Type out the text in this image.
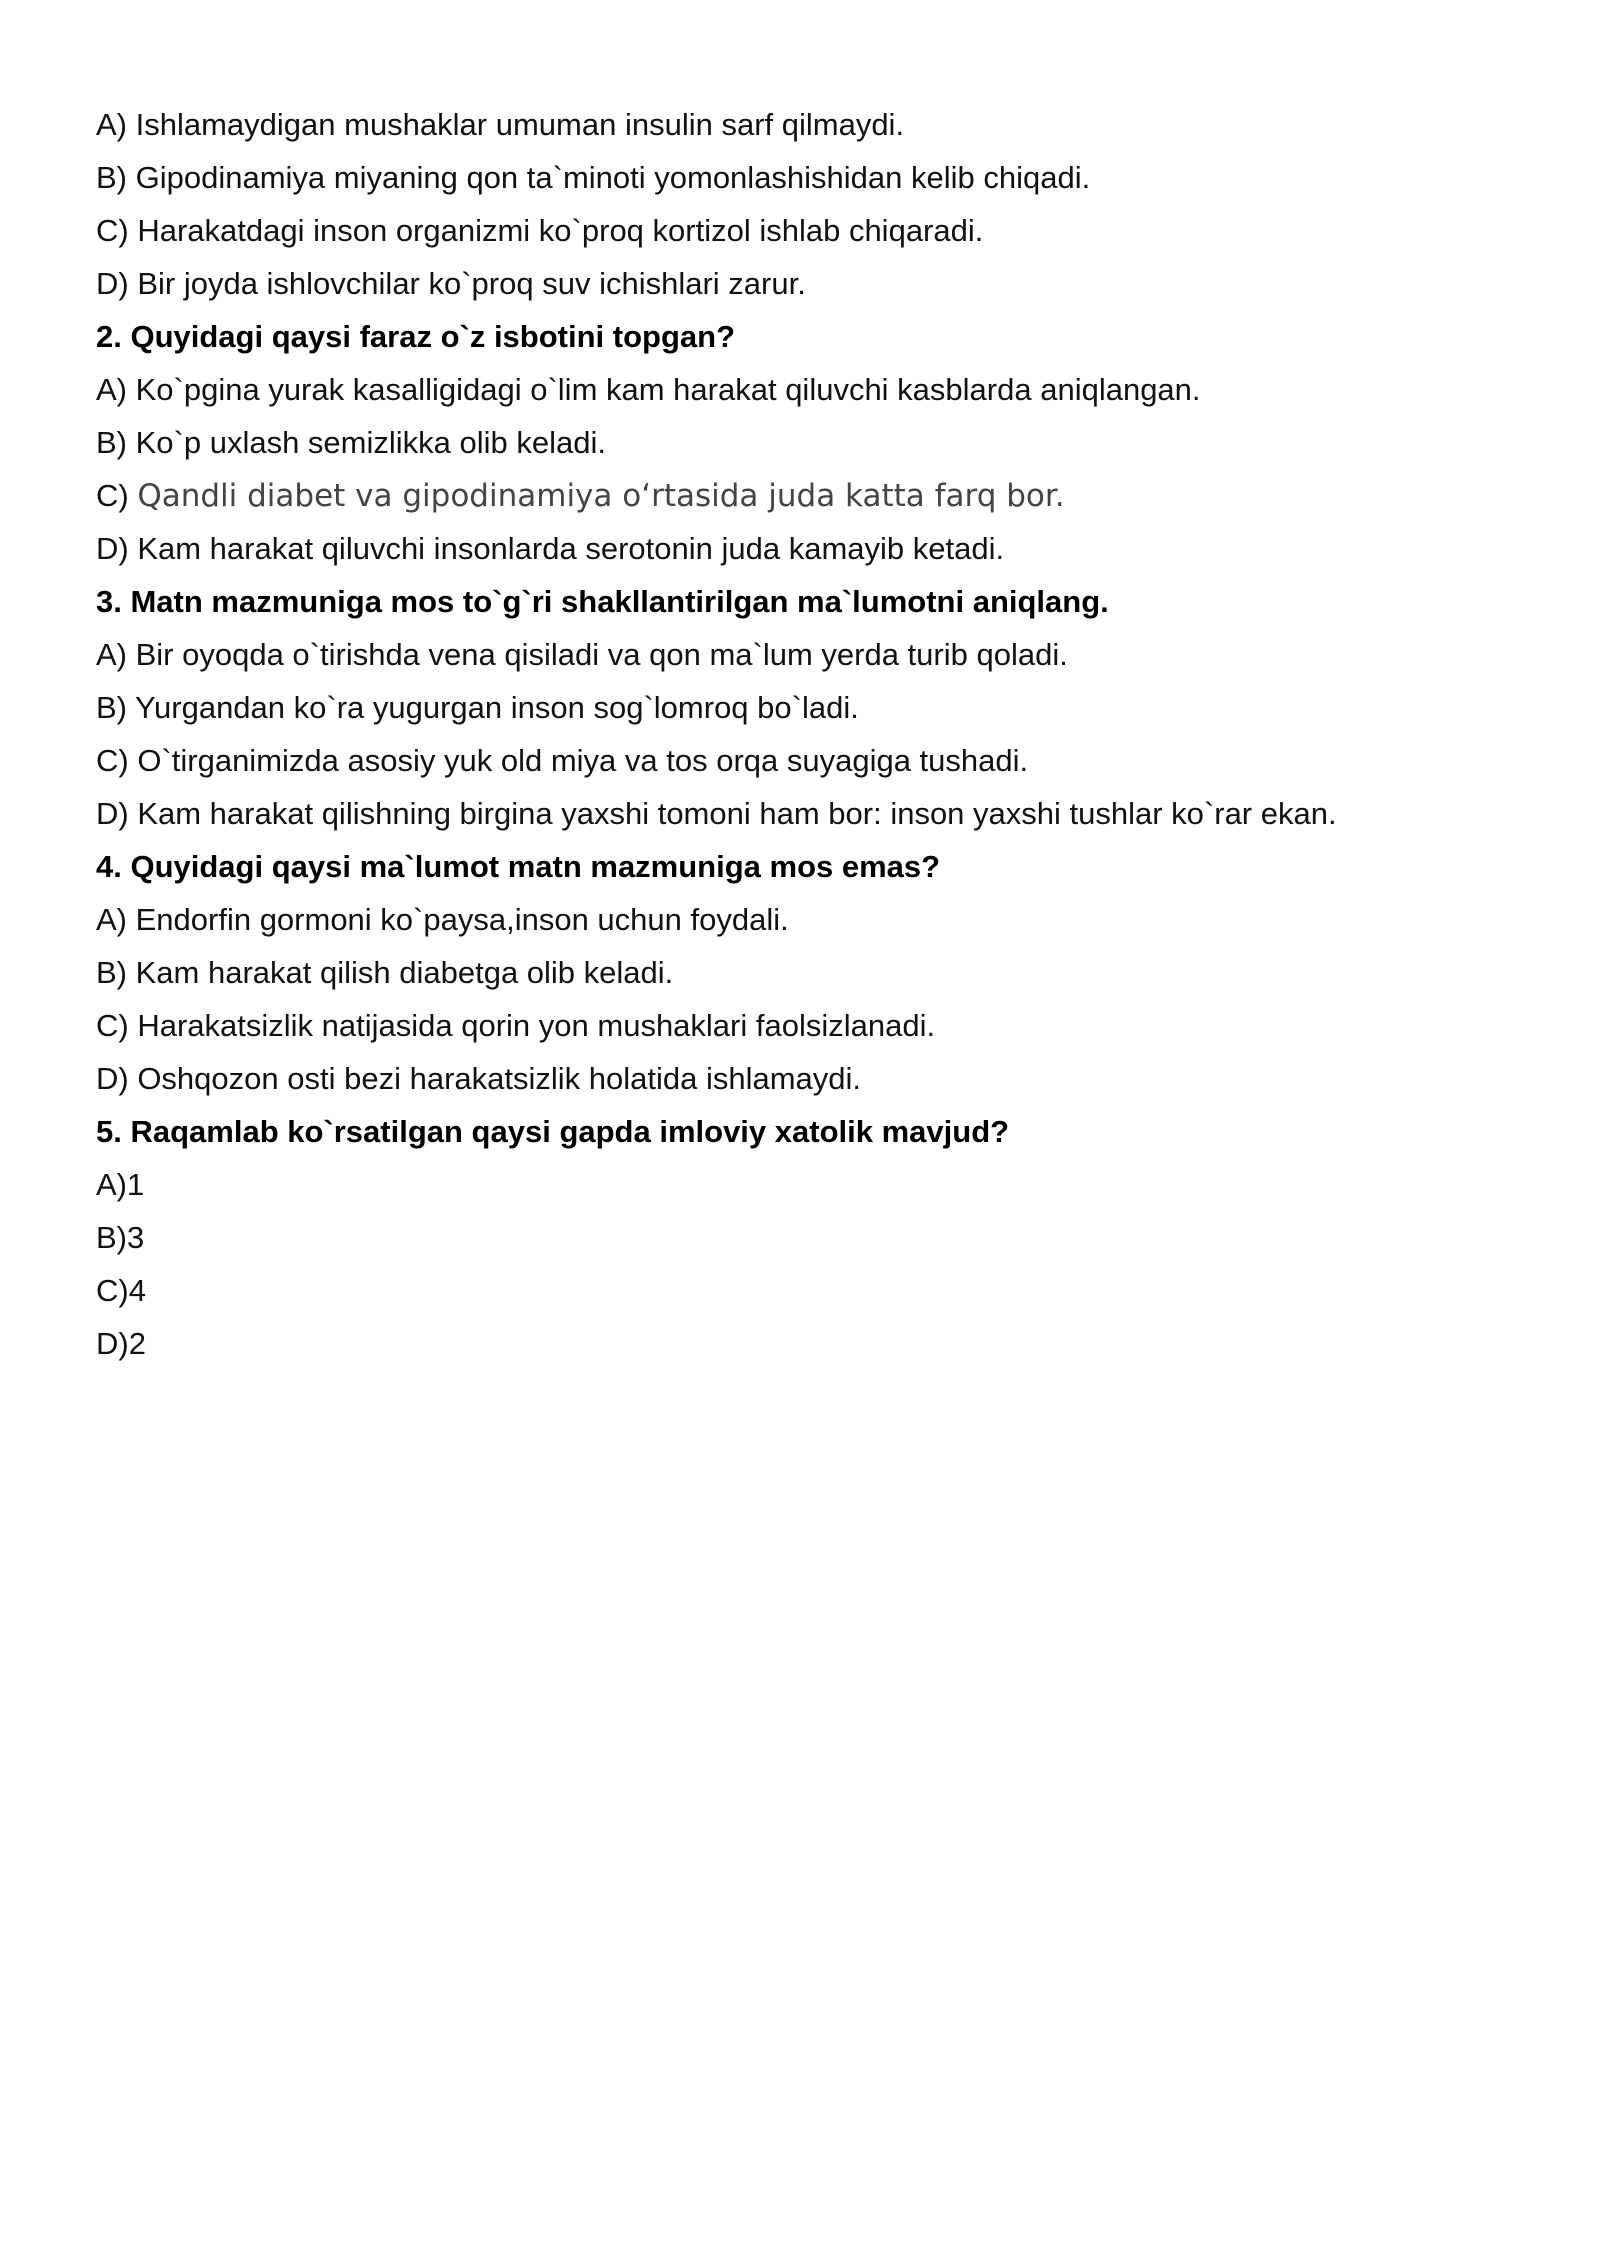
A) Ishlamaydigan mushaklar umuman insulin sarf qilmaydi.
B) Gipodinamiya miyaning qon ta`minoti yomonlashishidan kelib chiqadi.
C) Harakatdagi inson organizmi ko`proq kortizol ishlab chiqaradi.
D) Bir joyda ishlovchilar ko`proq suv ichishlari zarur.
2. Quyidagi qaysi faraz o`z isbotini topgan?
A) Ko`pgina yurak kasalligidagi o`lim kam harakat qiluvchi kasblarda aniqlangan.
B) Ko`p uxlash semizlikka olib keladi.
C) Qandli diabet va gipodinamiya o‘rtasida juda katta farq bor.
D) Kam harakat qiluvchi insonlarda serotonin juda kamayib ketadi.
3. Matn mazmuniga mos to`g`ri shakllantirilgan ma`lumotni aniqlang.
A) Bir oyoqda o`tirishda vena qisiladi va qon ma`lum yerda turib qoladi.
B) Yurgandan ko`ra yugurgan inson sog`lomroq bo`ladi.
C) O`tirganimizda asosiy yuk old miya va tos orqa suyagiga tushadi.
D) Kam harakat qilishning birgina yaxshi tomoni ham bor: inson yaxshi tushlar ko`rar ekan.
4. Quyidagi qaysi ma`lumot matn mazmuniga mos emas?
A) Endorfin gormoni ko`paysa,inson uchun foydali.
B) Kam harakat qilish diabetga olib keladi.
C) Harakatsizlik natijasida qorin yon mushaklari faolsizlanadi.
D) Oshqozon osti bezi harakatsizlik holatida ishlamaydi.
5. Raqamlab ko`rsatilgan qaysi gapda imloviy xatolik mavjud?
A)1
B)3
C)4
D)2
